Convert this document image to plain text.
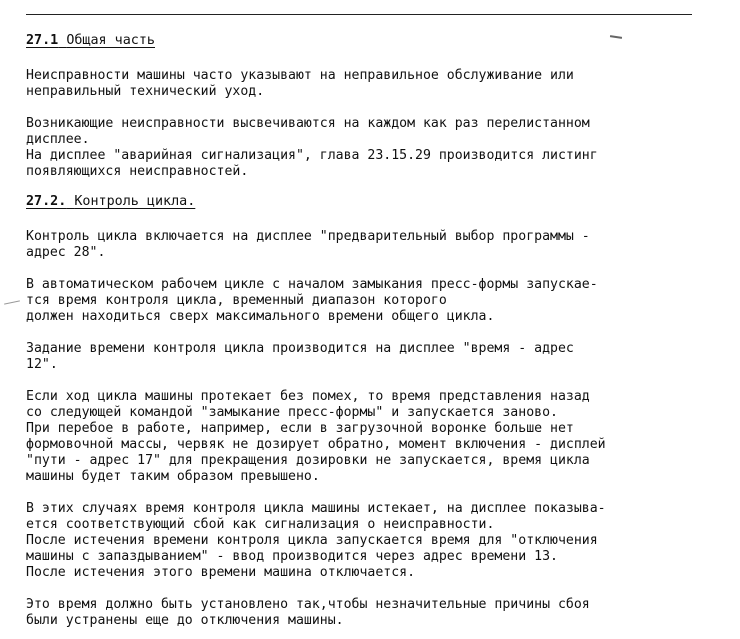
27.1 Общая часть
Неисправности машины часто указывают на неправильное обслуживание или
неправильный технический уход.
Возникающие неисправности высвечиваются на каждом как раз перелистанном
дисплее.
На дисплее "аварийная сигнализация", глава 23.15.29 производится листинг
появляющихся неисправностей.
27.2. Контроль цикла.
Контроль цикла включается на дисплее "предварительный выбор программы -
адрес 28".
В автоматическом рабочем цикле с началом замыкания пресс-формы запускае-
тся время контроля цикла, временный диапазон которого
должен находиться сверх максимального времени общего цикла.
Задание времени контроля цикла производится на дисплее "время - адрес
12".
Если ход цикла машины протекает без помех, то время представления назад
со следующей командой "замыкание пресс-формы" и запускается заново.
При перебое в работе, например, если в загрузочной воронке больше нет
формовочной массы, червяк не дозирует обратно, момент включения - дисплей
"пути - адрес 17" для прекращения дозировки не запускается, время цикла
машины будет таким образом превышено.
В этих случаях время контроля цикла машины истекает, на дисплее показыва-
ется соответствующий сбой как сигнализация о неисправности.
После истечения времени контроля цикла запускается время для "отключения
машины с запаздыванием" - ввод производится через адрес времени 13.
После истечения этого времени машина отключается.
Это время должно быть установлено так,чтобы незначительные причины сбоя
были устранены еще до отключения машины.
